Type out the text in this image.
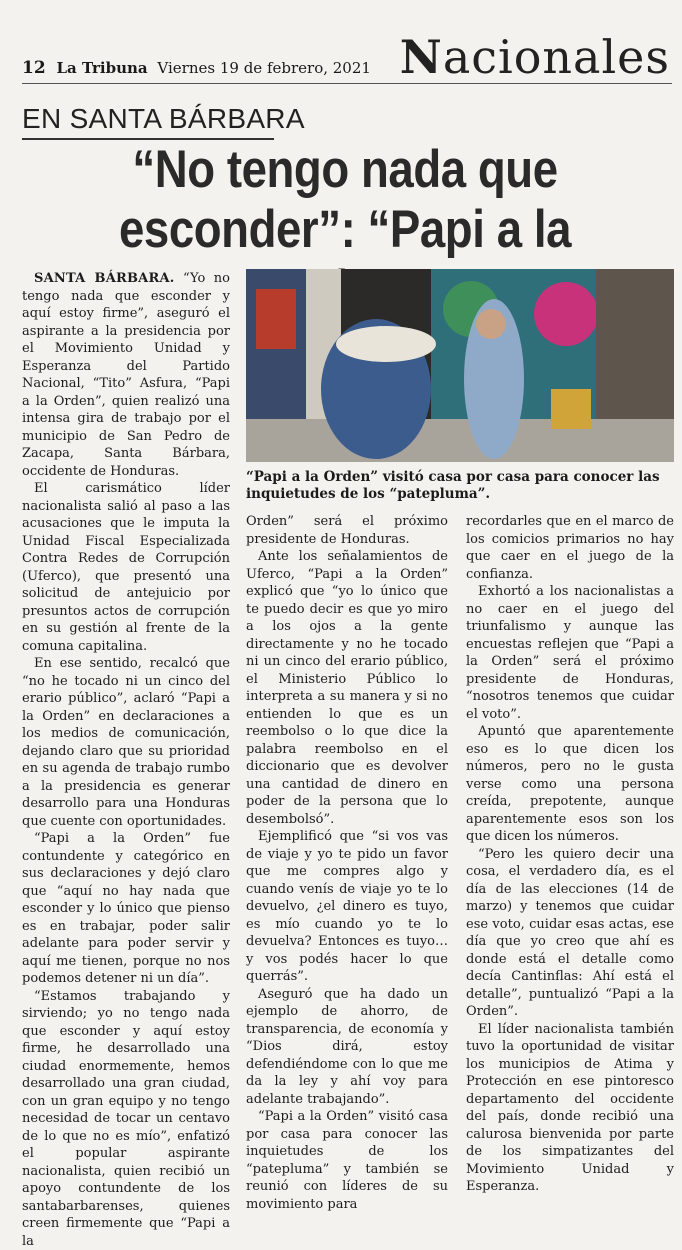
12 La Tribuna Viernes 19 de febrero, 2021 Nacionales
EN SANTA BÁRBARA
“No tengo nada que
esconder”: “Papi a la

SANTA BÁRBARA. “Yo no tengo nada que esconder y aquí estoy firme”, aseguró el aspirante a la presidencia por el Movimiento Unidad y Esperanza del Partido Nacional, “Tito” Asfura, “Papi a la Orden”, quien realizó una intensa gira de trabajo por el municipio de San Pedro de Zacapa, Santa Bárbara, occidente de Honduras.

El carismático líder nacionalista salió al paso a las acusaciones que le imputa la Unidad Fiscal Especializada Contra Redes de Corrupción (Uferco), que presentó una solicitud de antejuicio por presuntos actos de corrupción en su gestión al frente de la comuna capitalina.

En ese sentido, recalcó que “no he tocado ni un cinco del erario público”, aclaró “Papi a la Orden” en declaraciones a los medios de comunicación, dejando claro que su prioridad en su agenda de trabajo rumbo a la presidencia es generar desarrollo para una Honduras que cuente con oportunidades.

“Papi a la Orden” fue contundente y categórico en sus declaraciones y dejó claro que “aquí no hay nada que esconder y lo único que pienso es en trabajar, poder salir adelante para poder servir y aquí me tienen, porque no nos podemos detener ni un día”.

“Estamos trabajando y sirviendo; yo no tengo nada que esconder y aquí estoy firme, he desarrollado una ciudad enormemente, hemos desarrollado una gran ciudad, con un gran equipo y no tengo necesidad de tocar un centavo de lo que no es mío”, enfatizó el popular aspirante nacionalista, quien recibió un apoyo contundente de los santabarbarenses, quienes creen firmemente que “Papi a la

“Papi a la Orden” visitó casa por casa para conocer las inquietudes de los “pateplumа”.

Orden” será el próximo presidente de Honduras.

Ante los señalamientos de Uferco, “Papi a la Orden” explicó que “yo lo único que te puedo decir es que yo miro a los ojos a la gente directamente y no he tocado ni un cinco del erario público, el Ministerio Público lo interpreta a su manera y si no entienden lo que es un reembolso o lo que dice la palabra reembolso en el diccionario que es devolver una cantidad de dinero en poder de la persona que lo desembolsó”.

Ejemplificó que “si vos vas de viaje y yo te pido un favor que me compres algo y cuando venís de viaje yo te lo devuelvo, ¿el dinero es tuyo, es mío cuando yo te lo devuelva? Entonces es tuyo… y vos podés hacer lo que querrás”.

Aseguró que ha dado un ejemplo de ahorro, de transparencia, de economía y “Dios dirá, estoy defendiéndome con lo que me da la ley y ahí voy para adelante trabajando”.

“Papi a la Orden” visitó casa por casa para conocer las inquietudes de los “pateplumа” y también se reunió con líderes de su movimiento para

recordarles que en el marco de los comicios primarios no hay que caer en el juego de la confianza.

Exhortó a los nacionalistas a no caer en el juego del triunfalismo y aunque las encuestas reflejen que “Papi a la Orden” será el próximo presidente de Honduras, “nosotros tenemos que cuidar el voto”.

Apuntó que aparentemente eso es lo que dicen los números, pero no le gusta verse como una persona creída, prepotente, aunque aparentemente esos son los que dicen los números.

“Pero les quiero decir una cosa, el verdadero día, es el día de las elecciones (14 de marzo) y tenemos que cuidar ese voto, cuidar esas actas, ese día que yo creo que ahí es donde está el detalle como decía Cantinflas: Ahí está el detalle”, puntualizó “Papi a la Orden”.

El líder nacionalista también tuvo la oportunidad de visitar los municipios de Atima y Protección en ese pintoresco departamento del occidente del país, donde recibió una calurosa bienvenida por parte de los simpatizantes del Movimiento Unidad y Esperanza.
